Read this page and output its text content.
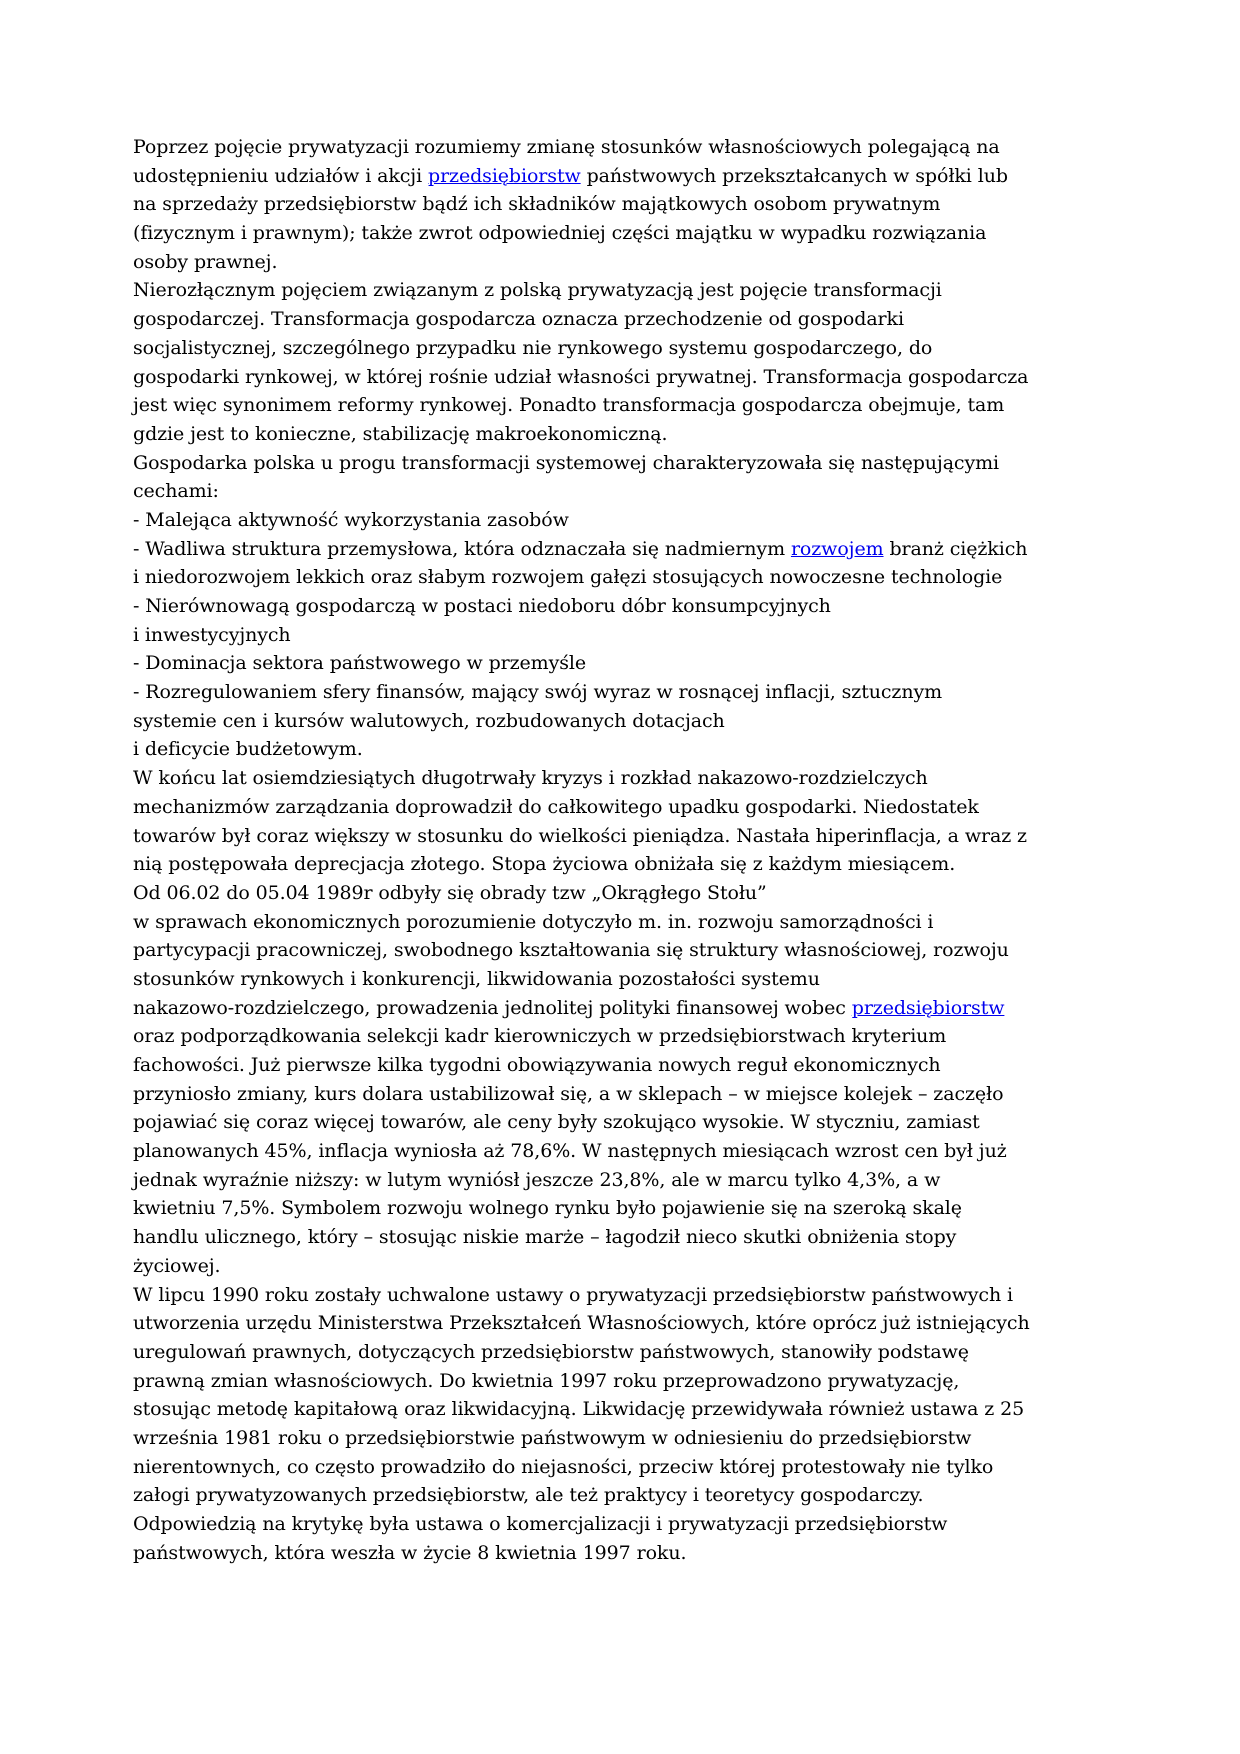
Poprzez pojęcie prywatyzacji rozumiemy zmianę stosunków własnościowych polegającą na
udostępnieniu udziałów i akcji przedsiębiorstw państwowych przekształcanych w spółki lub
na sprzedaży przedsiębiorstw bądź ich składników majątkowych osobom prywatnym
(fizycznym i prawnym); także zwrot odpowiedniej części majątku w wypadku rozwiązania
osoby prawnej.
Nierozłącznym pojęciem związanym z polską prywatyzacją jest pojęcie transformacji
gospodarczej. Transformacja gospodarcza oznacza przechodzenie od gospodarki
socjalistycznej, szczególnego przypadku nie rynkowego systemu gospodarczego, do
gospodarki rynkowej, w której rośnie udział własności prywatnej. Transformacja gospodarcza
jest więc synonimem reformy rynkowej. Ponadto transformacja gospodarcza obejmuje, tam
gdzie jest to konieczne, stabilizację makroekonomiczną.
Gospodarka polska u progu transformacji systemowej charakteryzowała się następującymi
cechami:
- Malejąca aktywność wykorzystania zasobów
- Wadliwa struktura przemysłowa, która odznaczała się nadmiernym rozwojem branż ciężkich
i niedorozwojem lekkich oraz słabym rozwojem gałęzi stosujących nowoczesne technologie
- Nierównowagą gospodarczą w postaci niedoboru dóbr konsumpcyjnych
i inwestycyjnych
- Dominacja sektora państwowego w przemyśle
- Rozregulowaniem sfery finansów, mający swój wyraz w rosnącej inflacji, sztucznym
systemie cen i kursów walutowych, rozbudowanych dotacjach
i deficycie budżetowym.
W końcu lat osiemdziesiątych długotrwały kryzys i rozkład nakazowo-rozdzielczych
mechanizmów zarządzania doprowadził do całkowitego upadku gospodarki. Niedostatek
towarów był coraz większy w stosunku do wielkości pieniądza. Nastała hiperinflacja, a wraz z
nią postępowała deprecjacja złotego. Stopa życiowa obniżała się z każdym miesiącem.
Od 06.02 do 05.04 1989r odbyły się obrady tzw „Okrągłego Stołu”
w sprawach ekonomicznych porozumienie dotyczyło m. in. rozwoju samorządności i
partycypacji pracowniczej, swobodnego kształtowania się struktury własnościowej, rozwoju
stosunków rynkowych i konkurencji, likwidowania pozostałości systemu
nakazowo-rozdzielczego, prowadzenia jednolitej polityki finansowej wobec przedsiębiorstw
oraz podporządkowania selekcji kadr kierowniczych w przedsiębiorstwach kryterium
fachowości. Już pierwsze kilka tygodni obowiązywania nowych reguł ekonomicznych
przyniosło zmiany, kurs dolara ustabilizował się, a w sklepach – w miejsce kolejek – zaczęło
pojawiać się coraz więcej towarów, ale ceny były szokująco wysokie. W styczniu, zamiast
planowanych 45%, inflacja wyniosła aż 78,6%. W następnych miesiącach wzrost cen był już
jednak wyraźnie niższy: w lutym wyniósł jeszcze 23,8%, ale w marcu tylko 4,3%, a w
kwietniu 7,5%. Symbolem rozwoju wolnego rynku było pojawienie się na szeroką skalę
handlu ulicznego, który – stosując niskie marże – łagodził nieco skutki obniżenia stopy
życiowej.
W lipcu 1990 roku zostały uchwalone ustawy o prywatyzacji przedsiębiorstw państwowych i
utworzenia urzędu Ministerstwa Przekształceń Własnościowych, które oprócz już istniejących
uregulowań prawnych, dotyczących przedsiębiorstw państwowych, stanowiły podstawę
prawną zmian własnościowych. Do kwietnia 1997 roku przeprowadzono prywatyzację,
stosując metodę kapitałową oraz likwidacyjną. Likwidację przewidywała również ustawa z 25
września 1981 roku o przedsiębiorstwie państwowym w odniesieniu do przedsiębiorstw
nierentownych, co często prowadziło do niejasności, przeciw której protestowały nie tylko
załogi prywatyzowanych przedsiębiorstw, ale też praktycy i teoretycy gospodarczy.
Odpowiedzią na krytykę była ustawa o komercjalizacji i prywatyzacji przedsiębiorstw
państwowych, która weszła w życie 8 kwietnia 1997 roku.
